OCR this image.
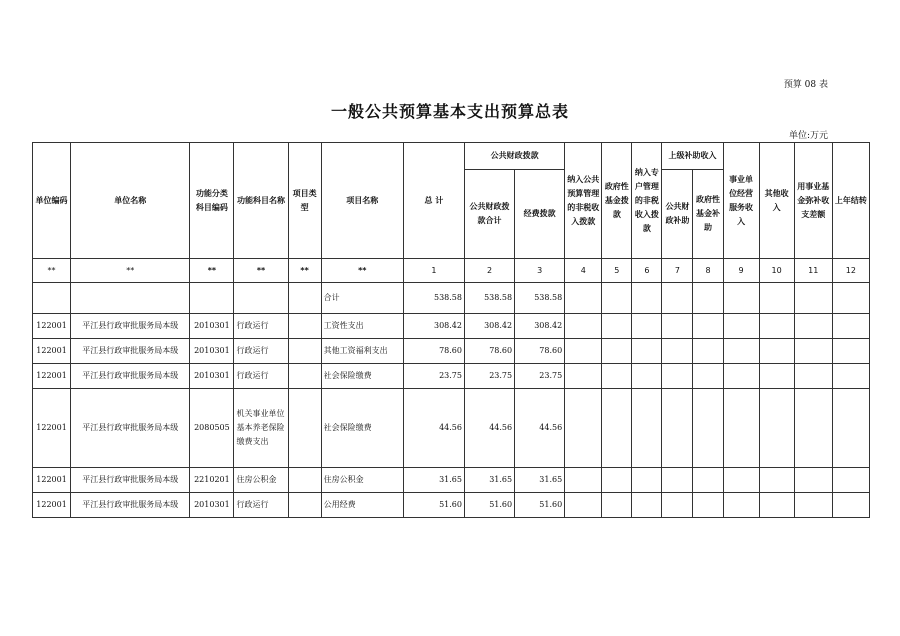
预算 08 表
一般公共预算基本支出预算总表
单位:万元
单位编码	单位名称	功能分类科目编码	功能科目名称	项目类型	项目名称	总 计	公共财政拨款		纳入公共预算管理的非税收入拨款	政府性基金拨款	纳入专户管理的非税收入拨款	上级补助收入		事业单位经营服务收入	其他收入	用事业基金弥补收支差额	上年结转
							公共财政拨款合计	经费拨款				公共财政补助	政府性基金补助				
**	**	**	**	**	**	1	2	3	4	5	6	7	8	9	10	11	12
					合计	538.58	538.58	538.58									
122001	平江县行政审批服务局本级	2010301	行政运行		工资性支出	308.42	308.42	308.42									
122001	平江县行政审批服务局本级	2010301	行政运行		其他工资福利支出	78.60	78.60	78.60									
122001	平江县行政审批服务局本级	2010301	行政运行		社会保险缴费	23.75	23.75	23.75									
122001	平江县行政审批服务局本级	2080505	机关事业单位基本养老保险缴费支出		社会保险缴费	44.56	44.56	44.56									
122001	平江县行政审批服务局本级	2210201	住房公积金		住房公积金	31.65	31.65	31.65									
122001	平江县行政审批服务局本级	2010301	行政运行		公用经费	51.60	51.60	51.60									
